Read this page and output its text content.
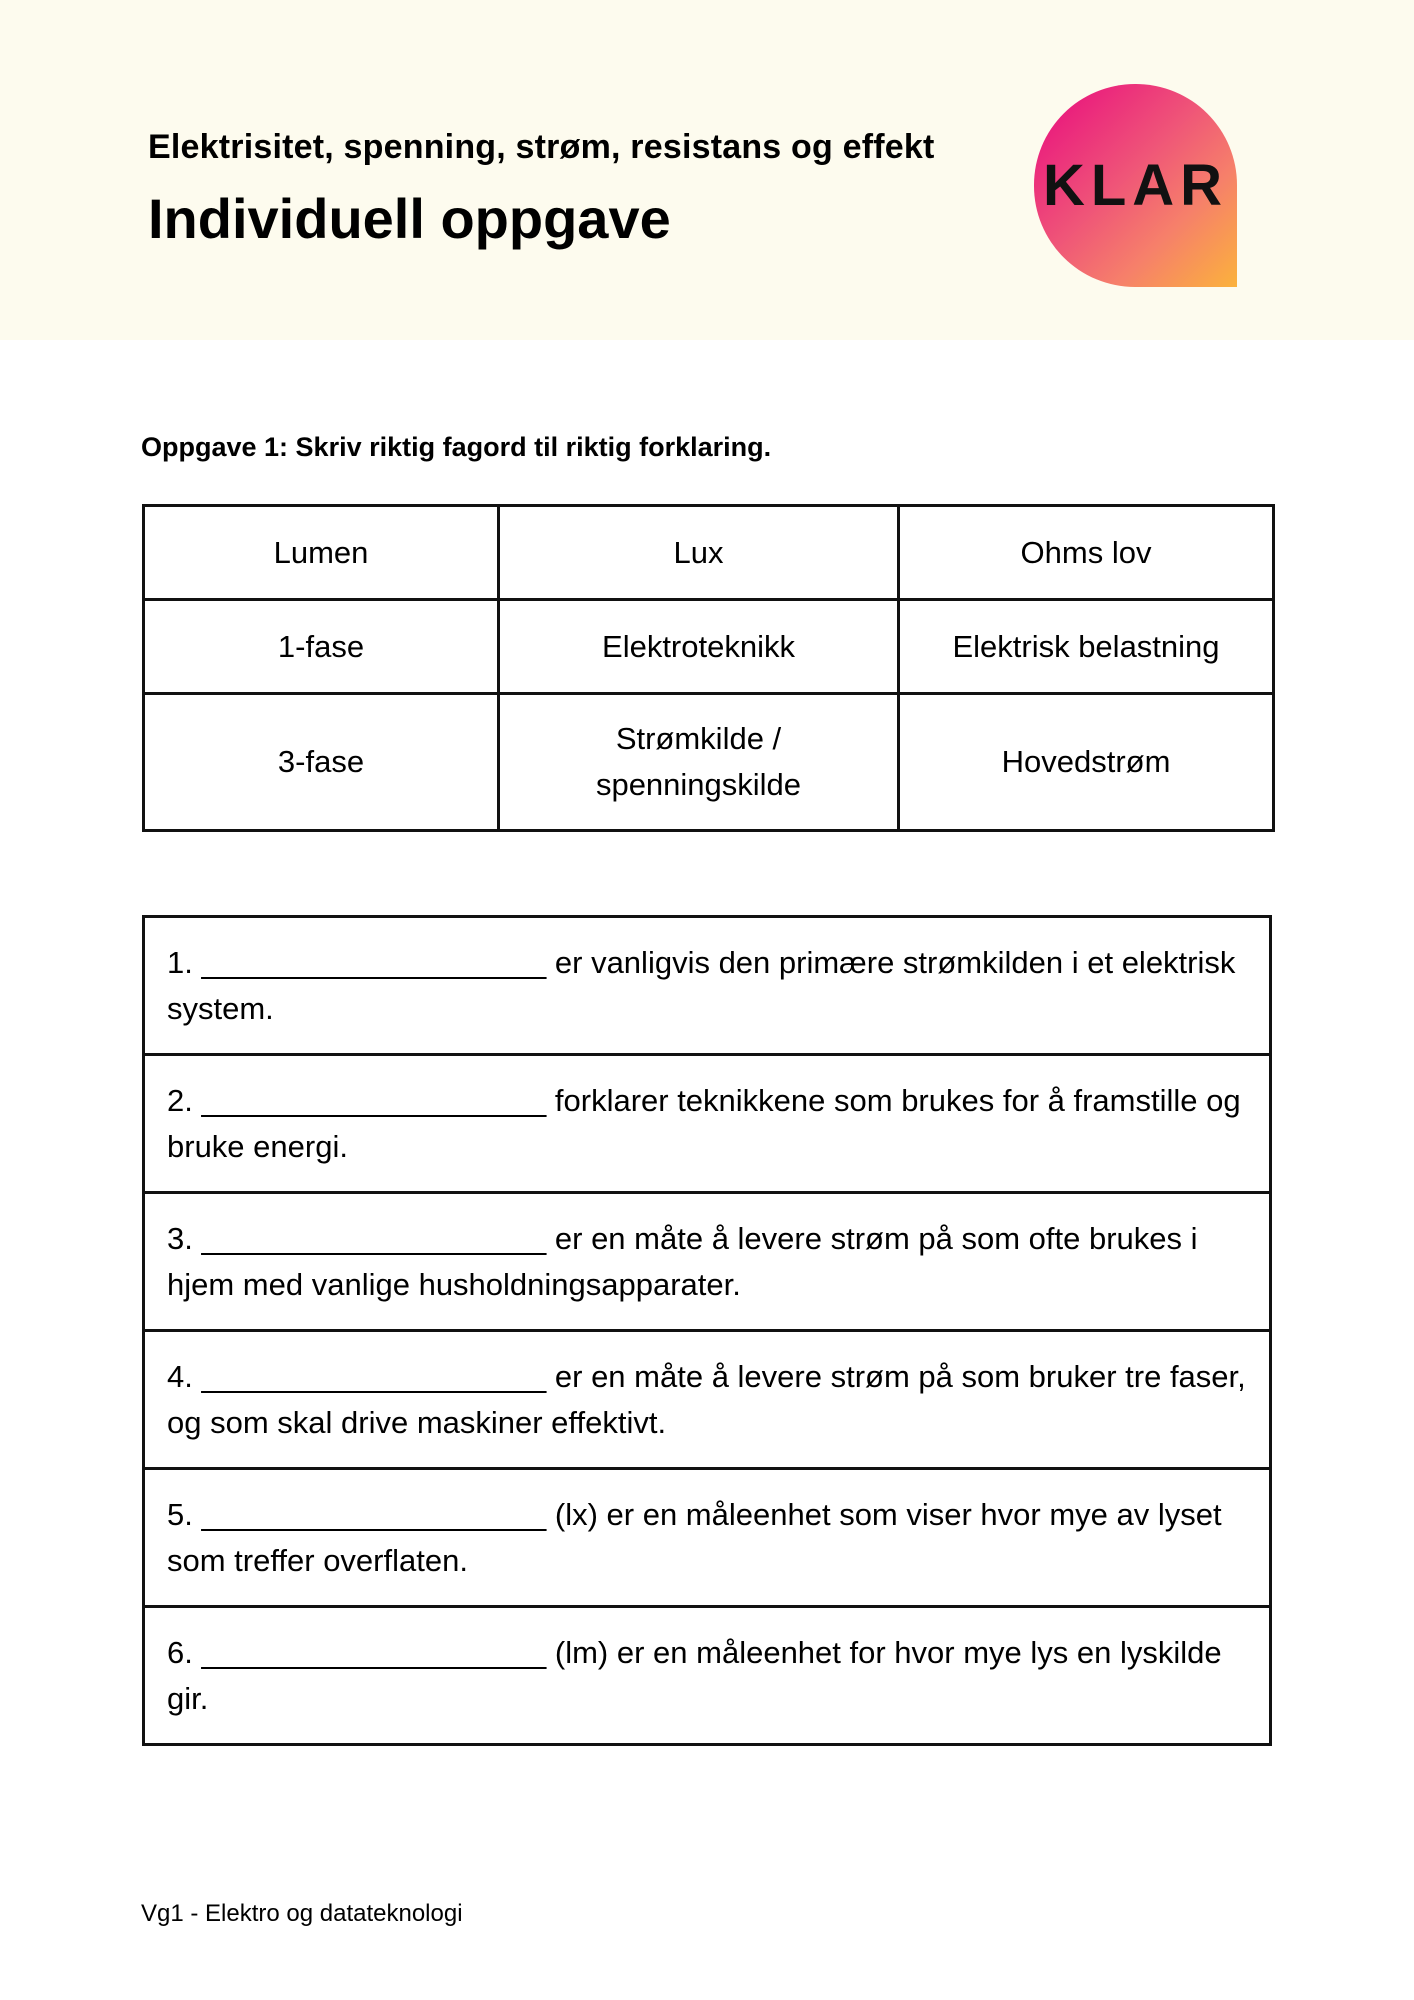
Elektrisitet, spenning, strøm, resistans og effekt
Individuell oppgave
KLAR
Oppgave 1: Skriv riktig fagord til riktig forklaring.
Lumen	Lux	Ohms lov
1-fase	Elektroteknikk	Elektrisk belastning
3-fase	Strømkilde / spenningskilde	Hovedstrøm
1. ____________________ er vanligvis den primære strømkilden i et elektrisk system.
2. ____________________ forklarer teknikkene som brukes for å framstille og bruke energi.
3. ____________________ er en måte å levere strøm på som ofte brukes i hjem med vanlige husholdningsapparater.
4. ____________________ er en måte å levere strøm på som bruker tre faser, og som skal drive maskiner effektivt.
5. ____________________ (lx) er en måleenhet som viser hvor mye av lyset som treffer overflaten.
6. ____________________ (lm) er en måleenhet for hvor mye lys en lyskilde gir.
Vg1 - Elektro og datateknologi
